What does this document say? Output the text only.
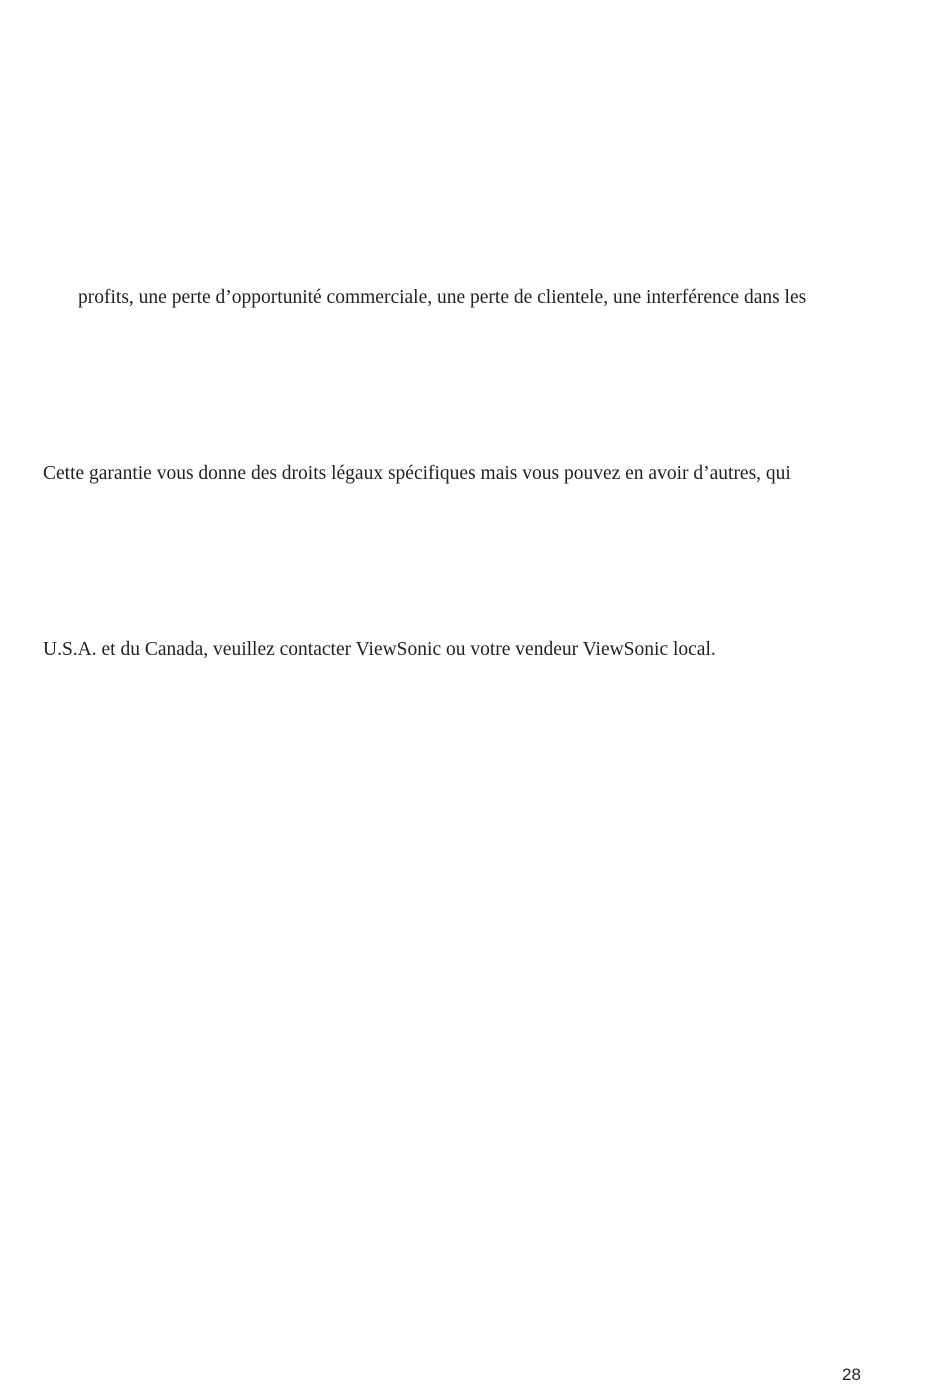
profits, une perte d’opportunité commerciale, une perte de clientele, une interférence dans les
Cette garantie vous donne des droits légaux spécifiques mais vous pouvez en avoir d’autres, qui
U.S.A. et du Canada, veuillez contacter ViewSonic ou votre vendeur ViewSonic local.
28
